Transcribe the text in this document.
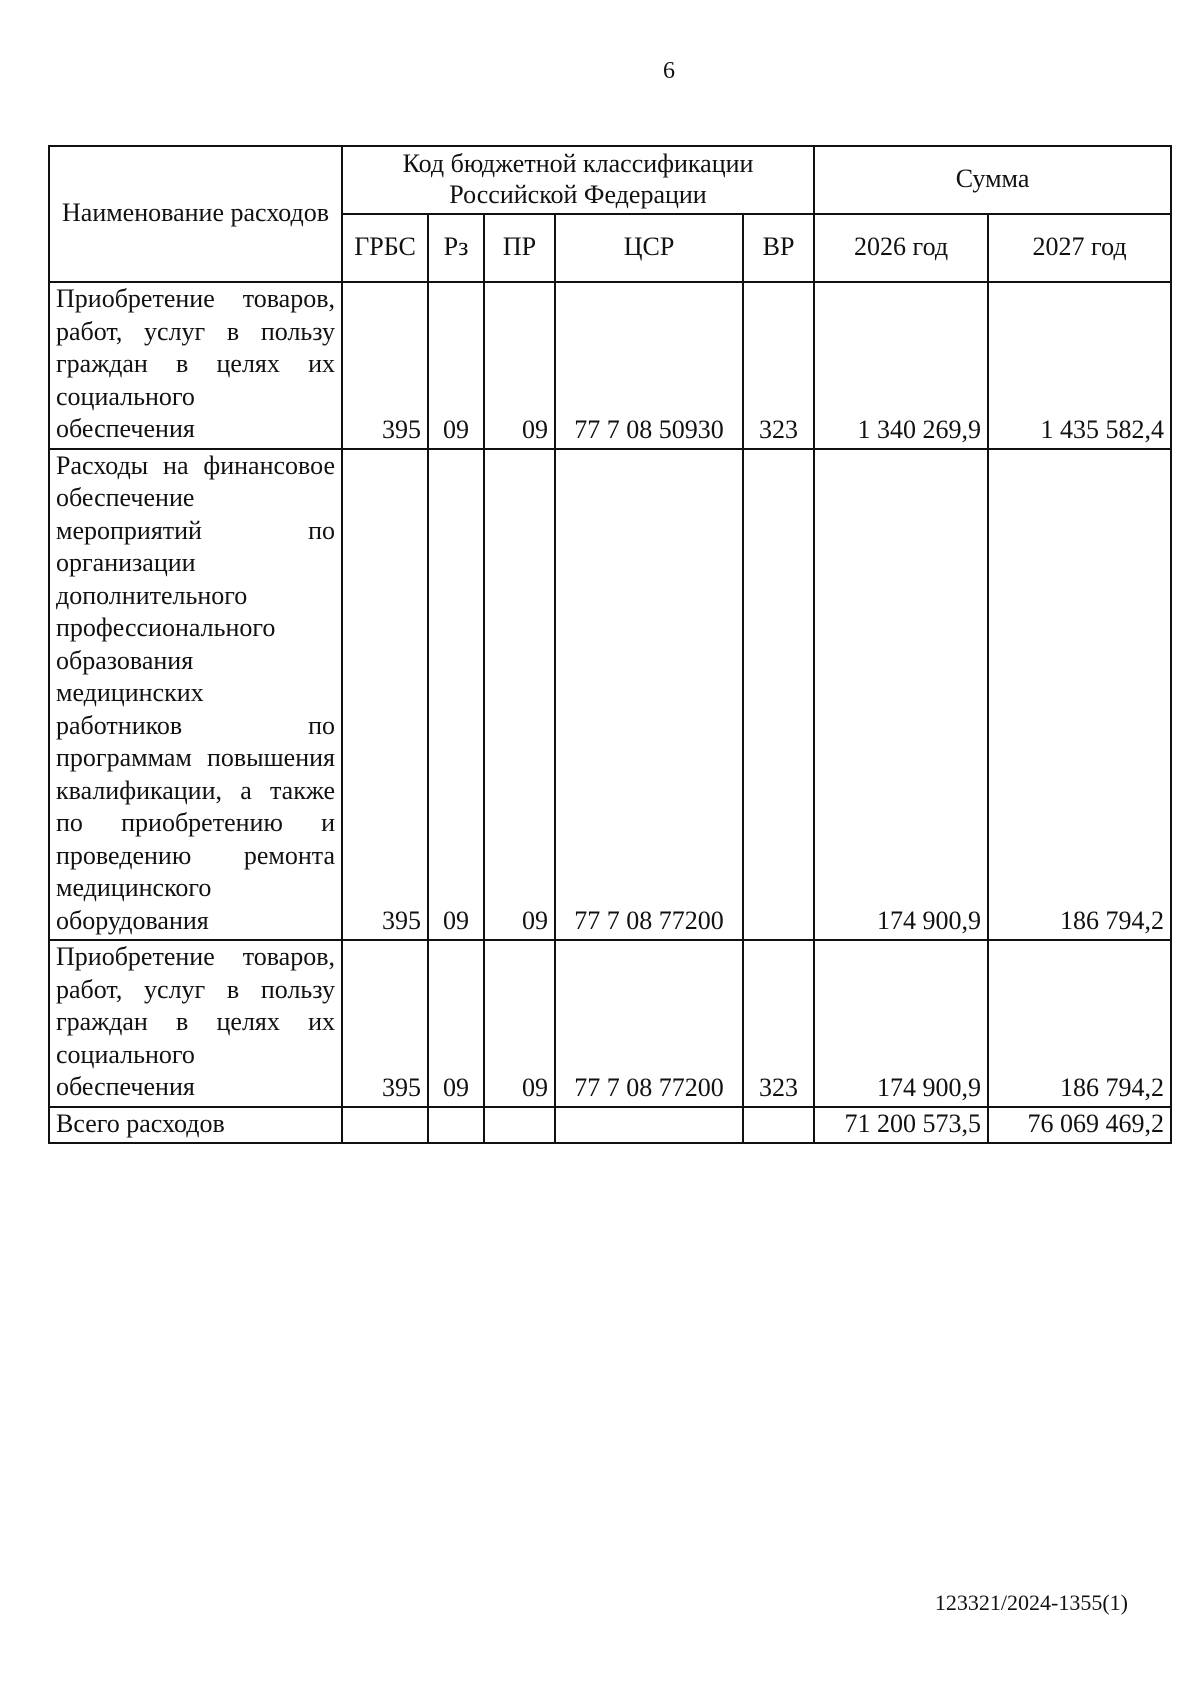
6
Наименование расходов	Код бюджетной классификации Российской Федерации					Сумма	
	ГРБС	Рз	ПР	ЦСР	ВР	2026 год	2027 год
Приобретение товаров, работ, услуг в пользу граждан в целях их социального обеспечения	395	09	09	77 7 08 50930	323	1 340 269,9	1 435 582,4
Расходы на финансовое обеспечение мероприятий по организации дополнительного профессионального образования медицинских работников по программам повышения квалификации, а также по приобретению и проведению ремонта медицинского оборудования	395	09	09	77 7 08 77200		174 900,9	186 794,2
Приобретение товаров, работ, услуг в пользу граждан в целях их социального обеспечения	395	09	09	77 7 08 77200	323	174 900,9	186 794,2
Всего расходов						71 200 573,5	76 069 469,2
123321/2024-1355(1)
